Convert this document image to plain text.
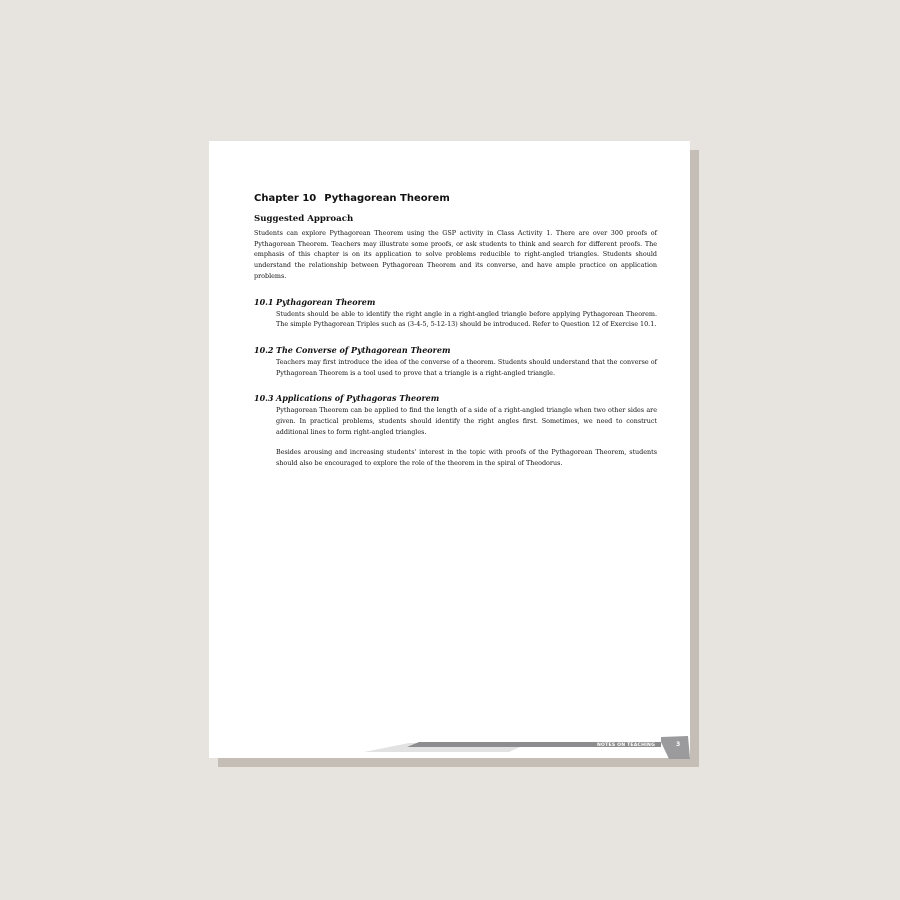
Chapter 10 Pythagorean Theorem
Suggested Approach

Students can explore Pythagorean Theorem using the GSP activity in Class Activity 1. There are over 300 proofs of Pythagorean Theorem. Teachers may illustrate some proofs, or ask students to think and search for different proofs. The emphasis of this chapter is on its application to solve problems reducible to right-angled triangles. Students should understand the relationship between Pythagorean Theorem and its converse, and have ample practice on application problems.

10.1 Pythagorean Theorem

Students should be able to identify the right angle in a right-angled triangle before applying Pythagorean Theorem. The simple Pythagorean Triples such as (3-4-5, 5-12-13) should be introduced. Refer to Question 12 of Exercise 10.1.

10.2 The Converse of Pythagorean Theorem

Teachers may first introduce the idea of the converse of a theorem. Students should understand that the converse of Pythagorean Theorem is a tool used to prove that a triangle is a right-angled triangle.

10.3 Applications of Pythagoras Theorem

Pythagorean Theorem can be applied to find the length of a side of a right-angled triangle when two other sides are given. In practical problems, students should identify the right angles first. Sometimes, we need to construct additional lines to form right-angled triangles.

Besides arousing and increasing students' interest in the topic with proofs of the Pythagorean Theorem, students should also be encouraged to explore the role of the theorem in the spiral of Theodorus.

NOTES ON TEACHING	3
